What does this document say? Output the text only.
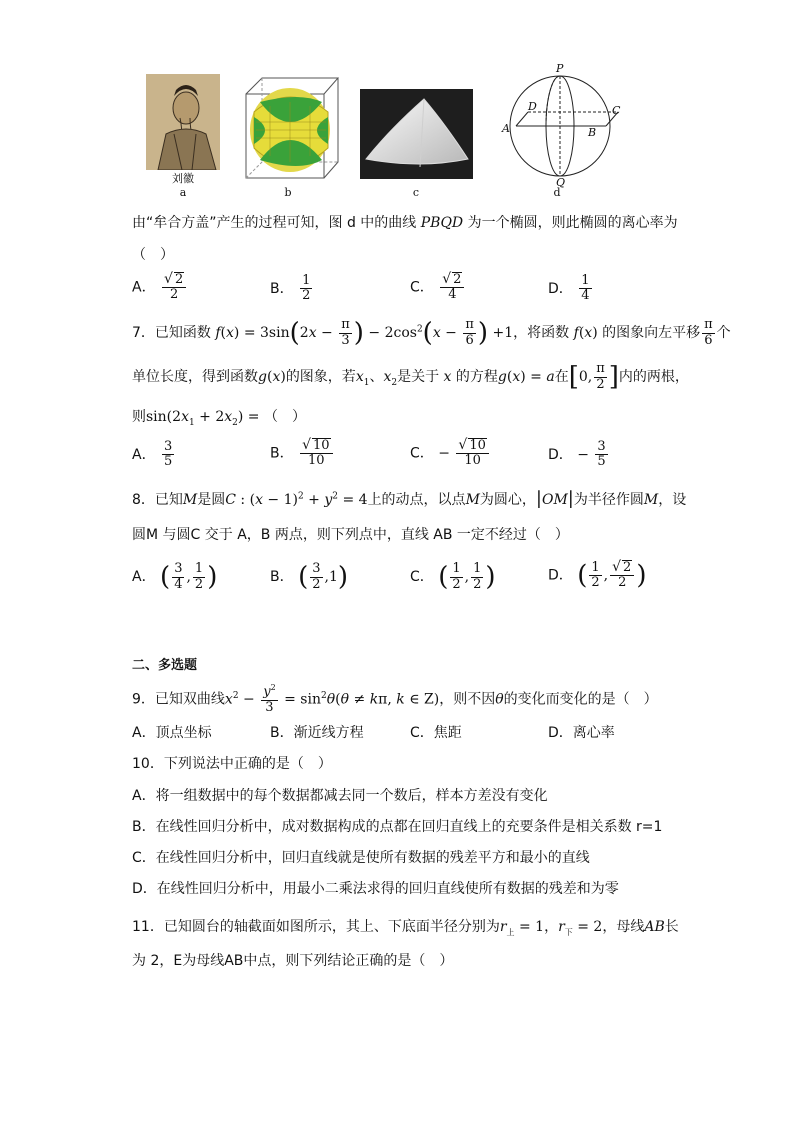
刘徽
a	b	c
P
Q
A	B
C
D
d
由“牟合方盖”产生的过程可知，图 d 中的曲线 PBQD 为一个椭圆，则此椭圆的离心率为
（　）
A． $\frac{√ 2}{2}$	B． $\frac{1}{2}$	C． $\frac{√ 2}{4}$	D． $\frac{1}{4}$
7．已知函数 $f(x) = 3\sin(2x - \frac{\pi}{3}$ ) − $2\cos^2(x - \frac{\pi}{6}$ ) +1，将函数 f(x) 的图象向左平移 $\frac{\pi}{6}$ 个
单位长度，得到函数g(x)的图象，若$x_1$、$x_2$是关于 x 的方程g(x) = a在[0, $\frac{\pi}{2}$ ]内的两根，
则$\sin(2x_1 + 2x_2)$ = （　）
A． $\frac{3}{5}$	B． $\frac{√ 10}{10}$	C． − $\frac{√ 10}{10}$	D． − $\frac{3}{5}$
8．已知M是圆C : $(x - 1)^2 + y^2 = 4$上的动点，以点M为圆心，|OM|为半径作圆M，设
圆M 与圆C 交于 A，B 两点，则下列点中，直线 AB 一定不经过（　）
A． ( $\frac{3}{4}$ , $\frac{1}{2}$ )	B． ( $\frac{3}{2} ,1$)	C． ( $\frac{1}{2}$ , $\frac{1}{2}$ )	D． ( $\frac{1}{2}$ , $\frac{√ 2}{2}$ )
二、多选题
9．已知双曲线$x^2 - \frac{y^2}{3} = \sin^2\theta(\theta \ne k\pi$, k ∈ Z)，则不因θ的变化而变化的是（　）
A．顶点坐标	B．渐近线方程	C．焦距	D．离心率
10．下列说法中正确的是（　）
A．将一组数据中的每个数据都减去同一个数后，样本方差没有变化
B．在线性回归分析中，成对数据构成的点都在回归直线上的充要条件是相关系数 r=1
C．在线性回归分析中，回归直线就是使所有数据的残差平方和最小的直线
D．在线性回归分析中，用最小二乘法求得的回归直线使所有数据的残差和为零
11．已知圆台的轴截面如图所示，其上、下底面半径分别为$r_上 = 1$，$r_下 = 2$，母线AB长
为 2，E为母线AB中点，则下列结论正确的是（　）
